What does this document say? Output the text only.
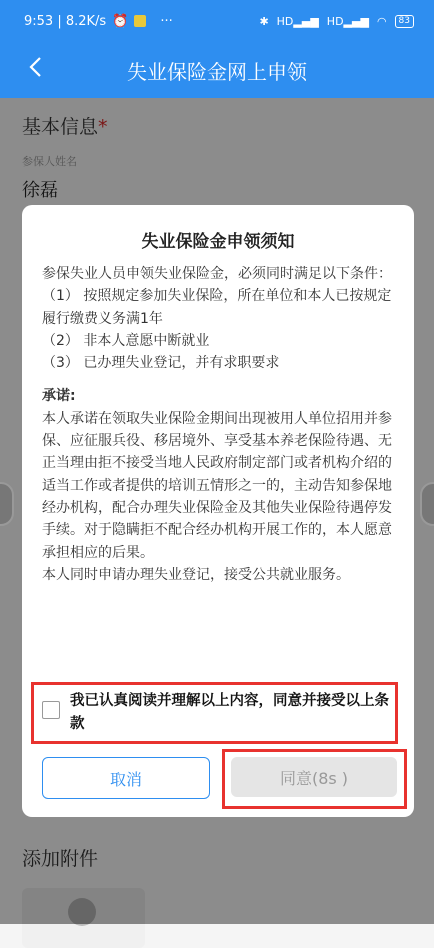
9:53 | 8.2K/s ⏰ ···	✱ HD▂▄▆ HD▂▄▆ ◠	83
失业保险金网上申领
基本信息*
参保人姓名
徐磊
添加附件
失业保险金申领须知

参保失业人员申领失业保险金，必须同时满足以下条件：

（1） 按照规定参加失业保险，所在单位和本人已按规定履行缴费义务满1年

（2） 非本人意愿中断就业

（3） 已办理失业登记，并有求职要求

承诺:

本人承诺在领取失业保险金期间出现被用人单位招用并参保、应征服兵役、移居境外、享受基本养老保险待遇、无正当理由拒不接受当地人民政府制定部门或者机构介绍的适当工作或者提供的培训五情形之一的，主动告知参保地经办机构，配合办理失业保险金及其他失业保险待遇停发手续。对于隐瞒拒不配合经办机构开展工作的，本人愿意承担相应的后果。

本人同时申请办理失业登记，接受公共就业服务。

我已认真阅读并理解以上内容，同意并接受以上条款
取消	同意(8s )
